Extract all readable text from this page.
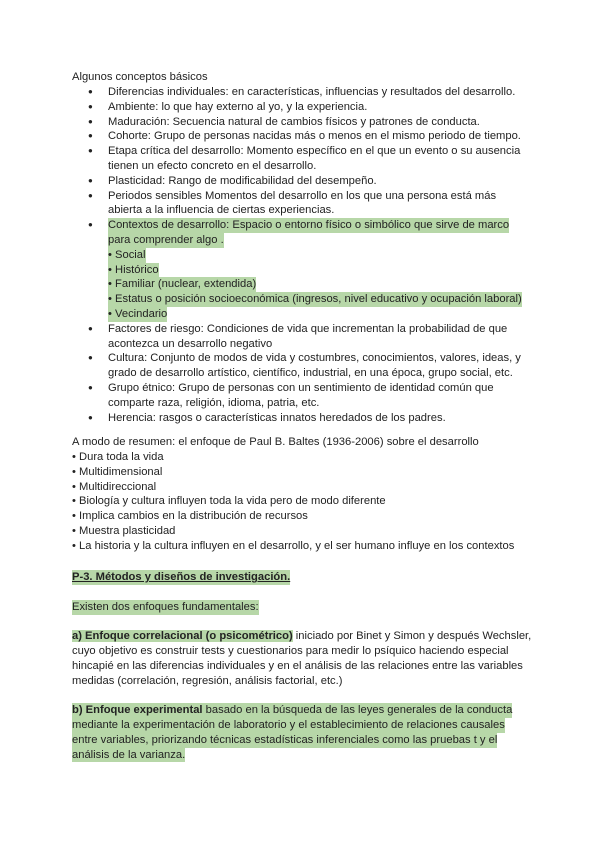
Algunos conceptos básicos
● Diferencias individuales: en características, influencias y resultados del desarrollo.
● Ambiente: lo que hay externo al yo, y la experiencia.
● Maduración: Secuencia natural de cambios físicos y patrones de conducta.
● Cohorte: Grupo de personas nacidas más o menos en el mismo periodo de tiempo.
● Etapa crítica del desarrollo: Momento específico en el que un evento o su ausencia
tienen un efecto concreto en el desarrollo.
● Plasticidad: Rango de modificabilidad del desempeño.
● Periodos sensibles Momentos del desarrollo en los que una persona está más
abierta a la influencia de ciertas experiencias.
● Contextos de desarrollo: Espacio o entorno físico o simbólico que sirve de marco
para comprender algo .
● Factores de riesgo: Condiciones de vida que incrementan la probabilidad de que
acontezca un desarrollo negativo
● Cultura: Conjunto de modos de vida y costumbres, conocimientos, valores, ideas, y
grado de desarrollo artístico, científico, industrial, en una época, grupo social, etc.
● Grupo étnico: Grupo de personas con un sentimiento de identidad común que
comparte raza, religión, idioma, patria, etc.
● Herencia: rasgos o características innatos heredados de los padres.
• Social
• Histórico
• Familiar (nuclear, extendida)
• Estatus o posición socioeconómica (ingresos, nivel educativo y ocupación laboral)
• Vecindario
A modo de resumen: el enfoque de Paul B. Baltes (1936-2006) sobre el desarrollo
• Dura toda la vida
• Multidimensional
• Multidireccional
• Biología y cultura influyen toda la vida pero de modo diferente
• Implica cambios en la distribución de recursos
• Muestra plasticidad
• La historia y la cultura influyen en el desarrollo, y el ser humano influye en los contextos
P-3. Métodos y diseños de investigación.
Existen dos enfoques fundamentales:
a) Enfoque correlacional (o psicométrico) iniciado por Binet y Simon y después Wechsler,
cuyo objetivo es construir tests y cuestionarios para medir lo psíquico haciendo especial
hincapié en las diferencias individuales y en el análisis de las relaciones entre las variables
medidas (correlación, regresión, análisis factorial, etc.)
b) Enfoque experimental basado en la búsqueda de las leyes generales de la conducta
mediante la experimentación de laboratorio y el establecimiento de relaciones causales
entre variables, priorizando técnicas estadísticas inferenciales como las pruebas t y el
análisis de la varianza.
